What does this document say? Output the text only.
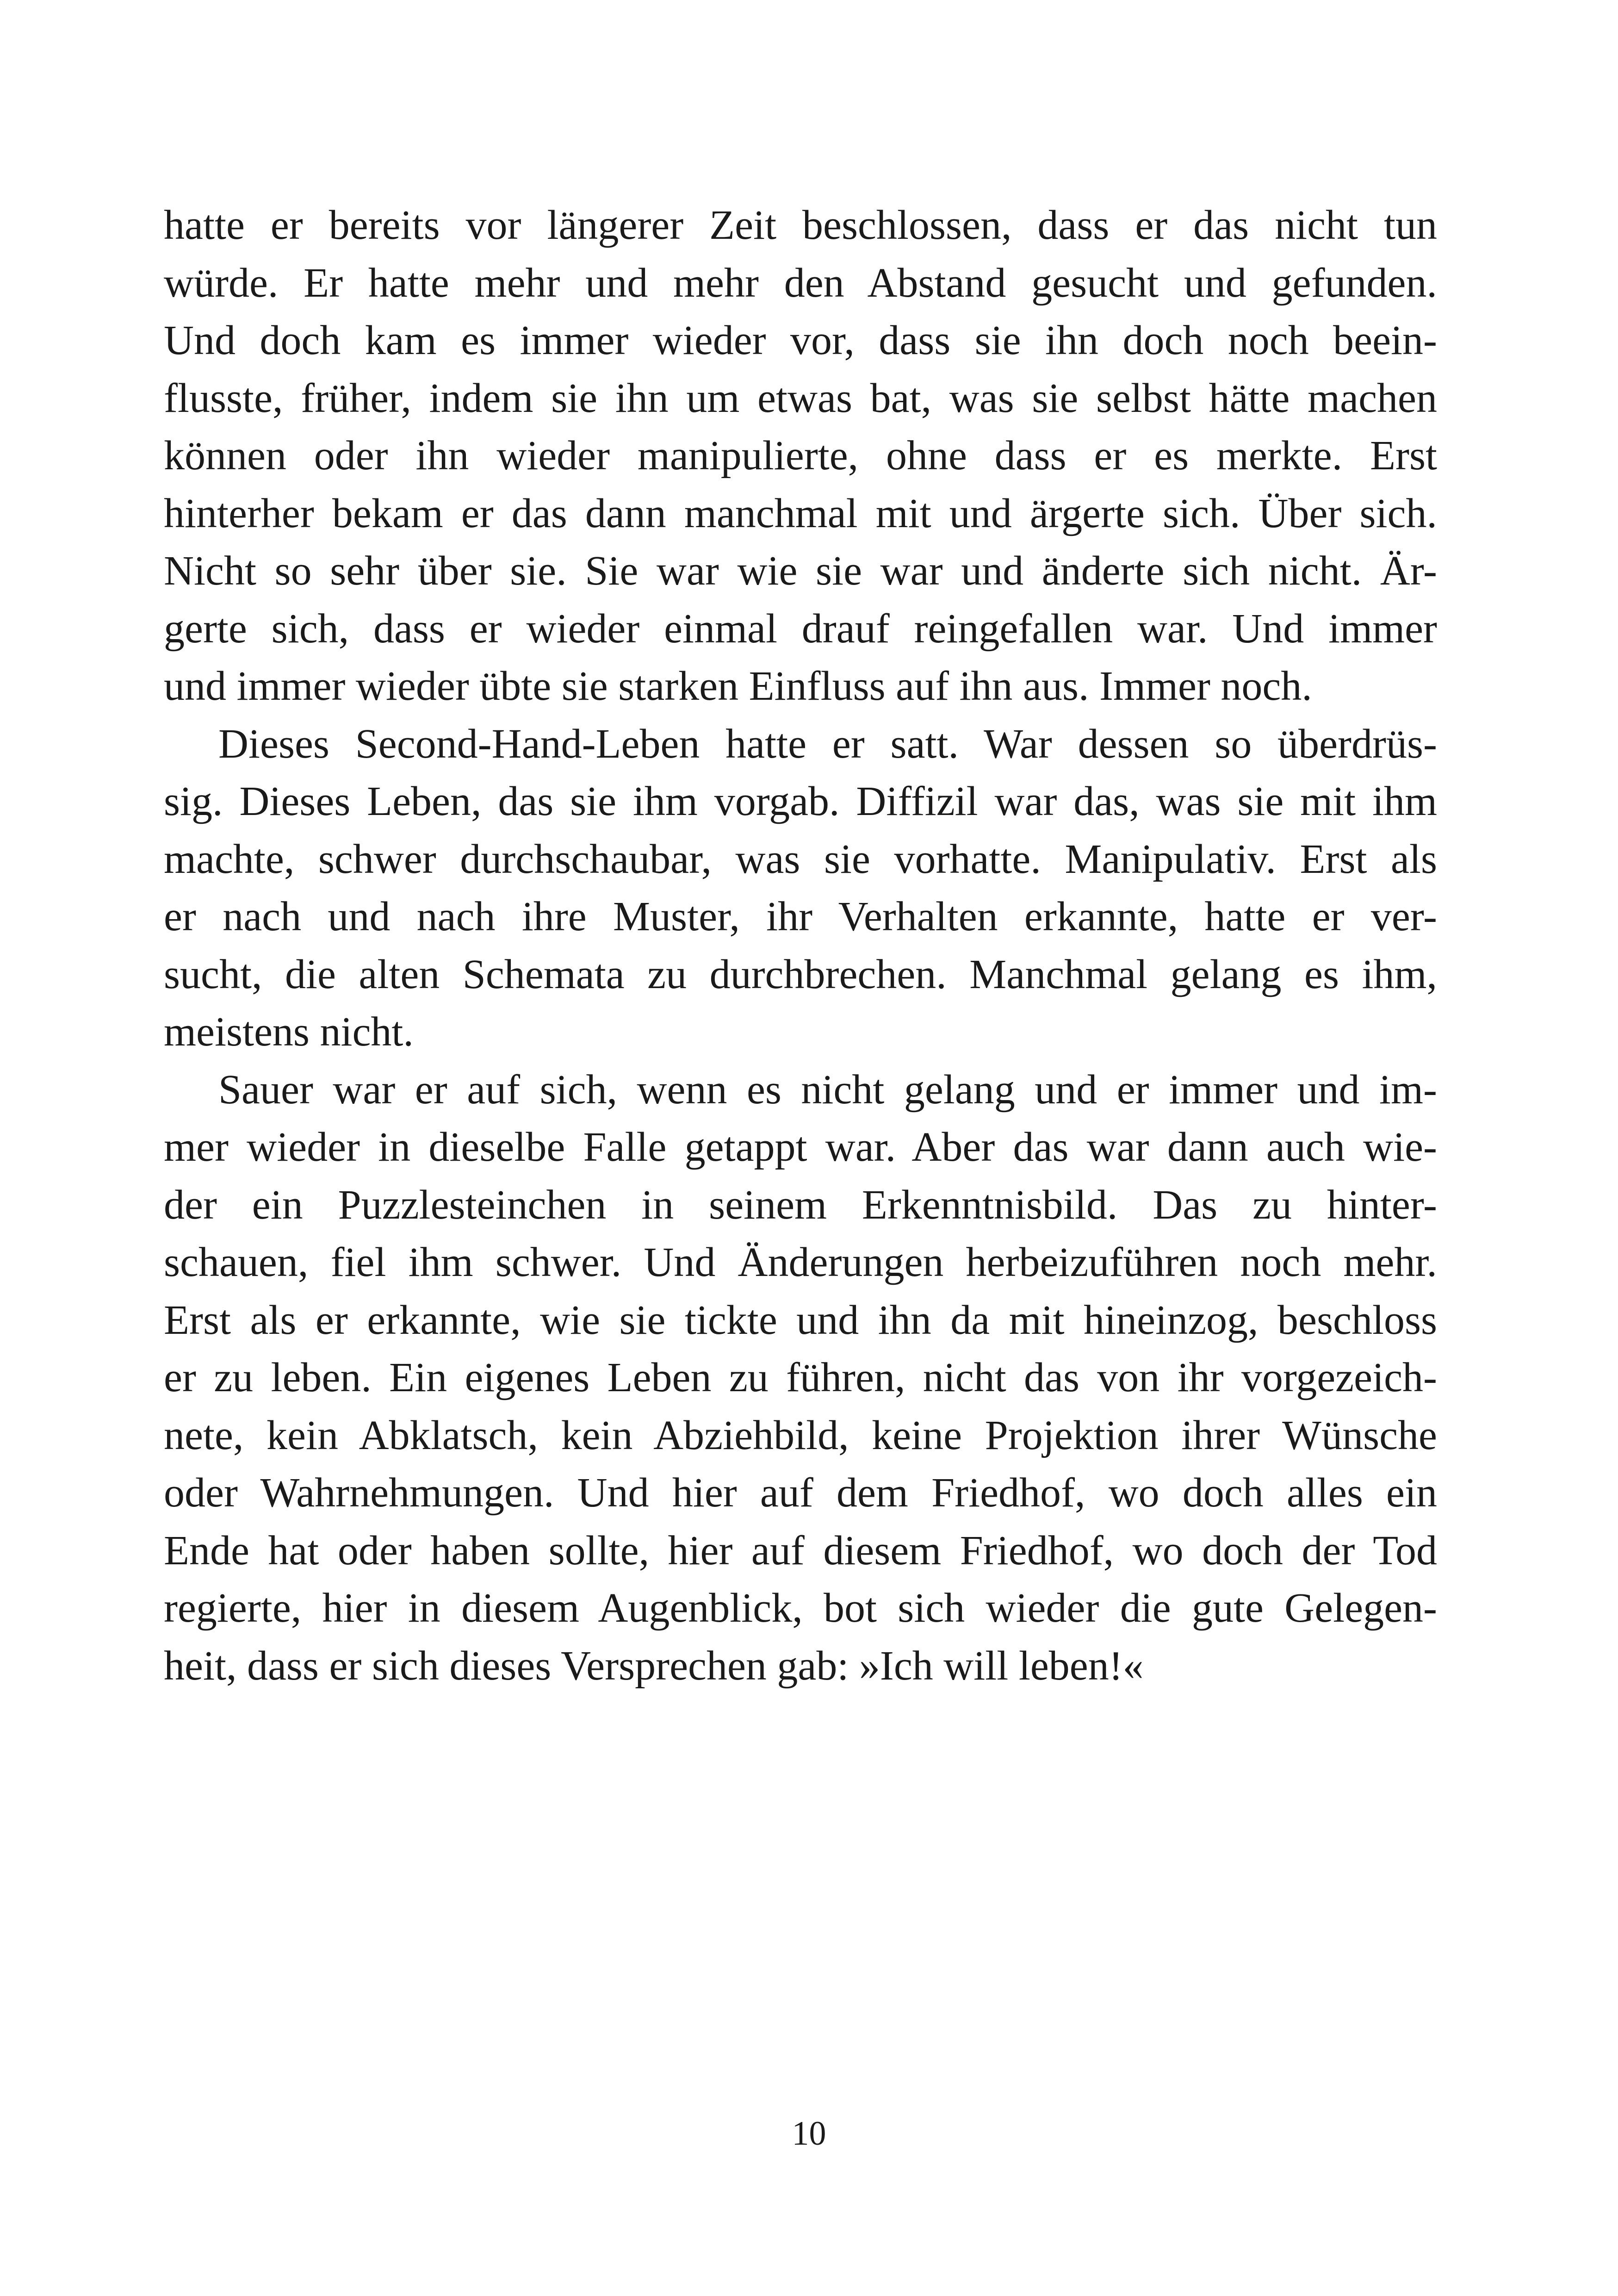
hatte er bereits vor längerer Zeit beschlossen, dass er das nicht tun
würde. Er hatte mehr und mehr den Abstand gesucht und gefunden.
Und doch kam es immer wieder vor, dass sie ihn doch noch beein-
flusste, früher, indem sie ihn um etwas bat, was sie selbst hätte machen
können oder ihn wieder manipulierte, ohne dass er es merkte. Erst
hinterher bekam er das dann manchmal mit und ärgerte sich. Über sich.
Nicht so sehr über sie. Sie war wie sie war und änderte sich nicht. Är-
gerte sich, dass er wieder einmal drauf reingefallen war. Und immer
und immer wieder übte sie starken Einfluss auf ihn aus. Immer noch.
Dieses Second-Hand-Leben hatte er satt. War dessen so überdrüs-
sig. Dieses Leben, das sie ihm vorgab. Diffizil war das, was sie mit ihm
machte, schwer durchschaubar, was sie vorhatte. Manipulativ. Erst als
er nach und nach ihre Muster, ihr Verhalten erkannte, hatte er ver-
sucht, die alten Schemata zu durchbrechen. Manchmal gelang es ihm,
meistens nicht.
Sauer war er auf sich, wenn es nicht gelang und er immer und im-
mer wieder in dieselbe Falle getappt war. Aber das war dann auch wie-
der ein Puzzlesteinchen in seinem Erkenntnisbild. Das zu hinter-
schauen, fiel ihm schwer. Und Änderungen herbeizuführen noch mehr.
Erst als er erkannte, wie sie tickte und ihn da mit hineinzog, beschloss
er zu leben. Ein eigenes Leben zu führen, nicht das von ihr vorgezeich-
nete, kein Abklatsch, kein Abziehbild, keine Projektion ihrer Wünsche
oder Wahrnehmungen. Und hier auf dem Friedhof, wo doch alles ein
Ende hat oder haben sollte, hier auf diesem Friedhof, wo doch der Tod
regierte, hier in diesem Augenblick, bot sich wieder die gute Gelegen-
heit, dass er sich dieses Versprechen gab: »Ich will leben!«
10
